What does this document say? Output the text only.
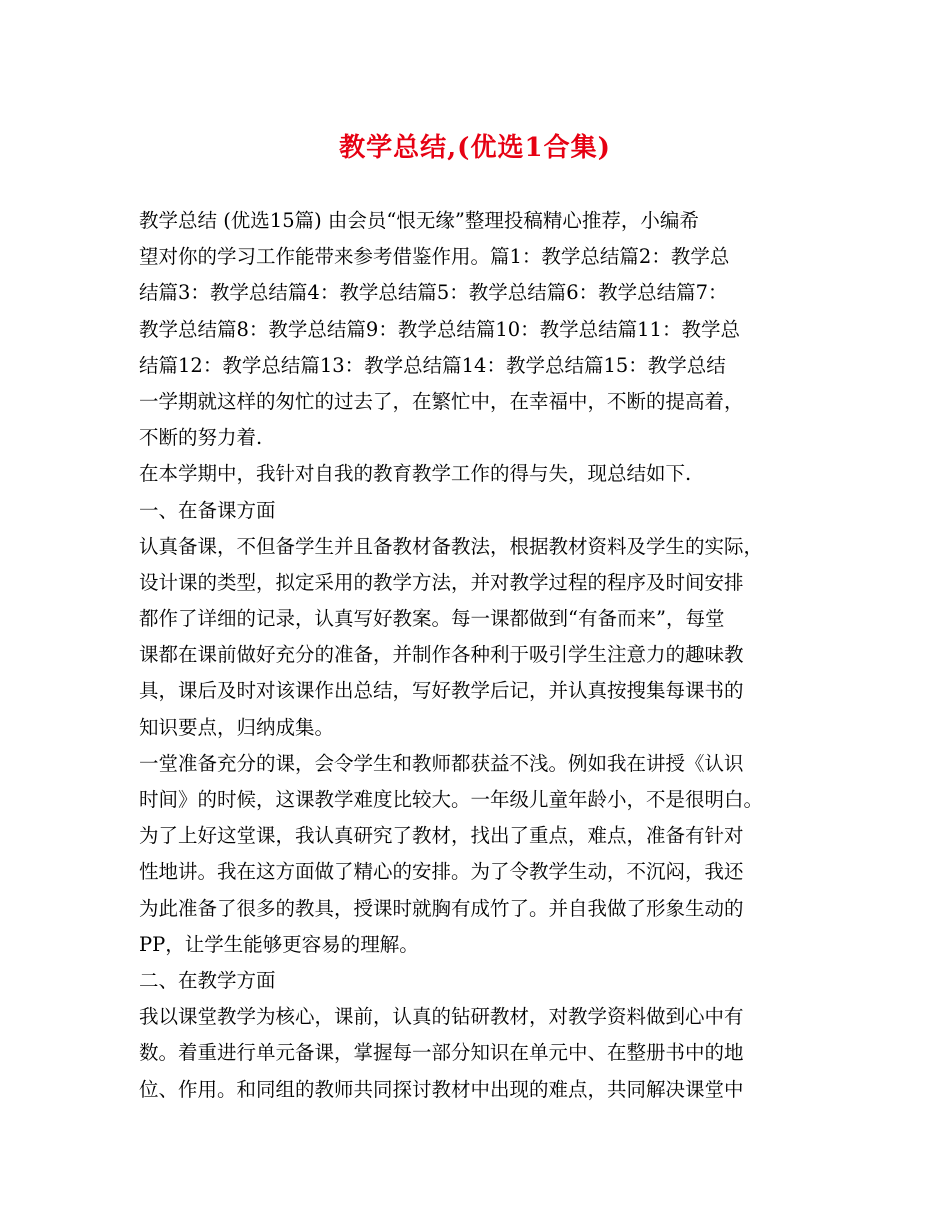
教学总结,(优选1合集)
教学总结 (优选15篇) 由会员“恨无缘”整理投稿精心推荐，小编希
望对你的学习工作能带来参考借鉴作用。篇1：教学总结篇2：教学总
结篇3：教学总结篇4：教学总结篇5：教学总结篇6：教学总结篇7：
教学总结篇8：教学总结篇9：教学总结篇10：教学总结篇11：教学总
结篇12：教学总结篇13：教学总结篇14：教学总结篇15：教学总结
一学期就这样的匆忙的过去了，在繁忙中，在幸福中，不断的提高着，
不断的努力着.
在本学期中，我针对自我的教育教学工作的得与失，现总结如下.
一、在备课方面
认真备课，不但备学生并且备教材备教法，根据教材资料及学生的实际，
设计课的类型，拟定采用的教学方法，并对教学过程的程序及时间安排
都作了详细的记录，认真写好教案。每一课都做到“有备而来”，每堂
课都在课前做好充分的准备，并制作各种利于吸引学生注意力的趣味教
具，课后及时对该课作出总结，写好教学后记，并认真按搜集每课书的
知识要点，归纳成集。
一堂准备充分的课，会令学生和教师都获益不浅。例如我在讲授《认识
时间》的时候，这课教学难度比较大。一年级儿童年龄小，不是很明白。
为了上好这堂课，我认真研究了教材，找出了重点，难点，准备有针对
性地讲。我在这方面做了精心的安排。为了令教学生动，不沉闷，我还
为此准备了很多的教具，授课时就胸有成竹了。并自我做了形象生动的
PP，让学生能够更容易的理解。
二、在教学方面
我以课堂教学为核心，课前，认真的钻研教材，对教学资料做到心中有
数。着重进行单元备课，掌握每一部分知识在单元中、在整册书中的地
位、作用。和同组的教师共同探讨教材中出现的难点，共同解决课堂中
